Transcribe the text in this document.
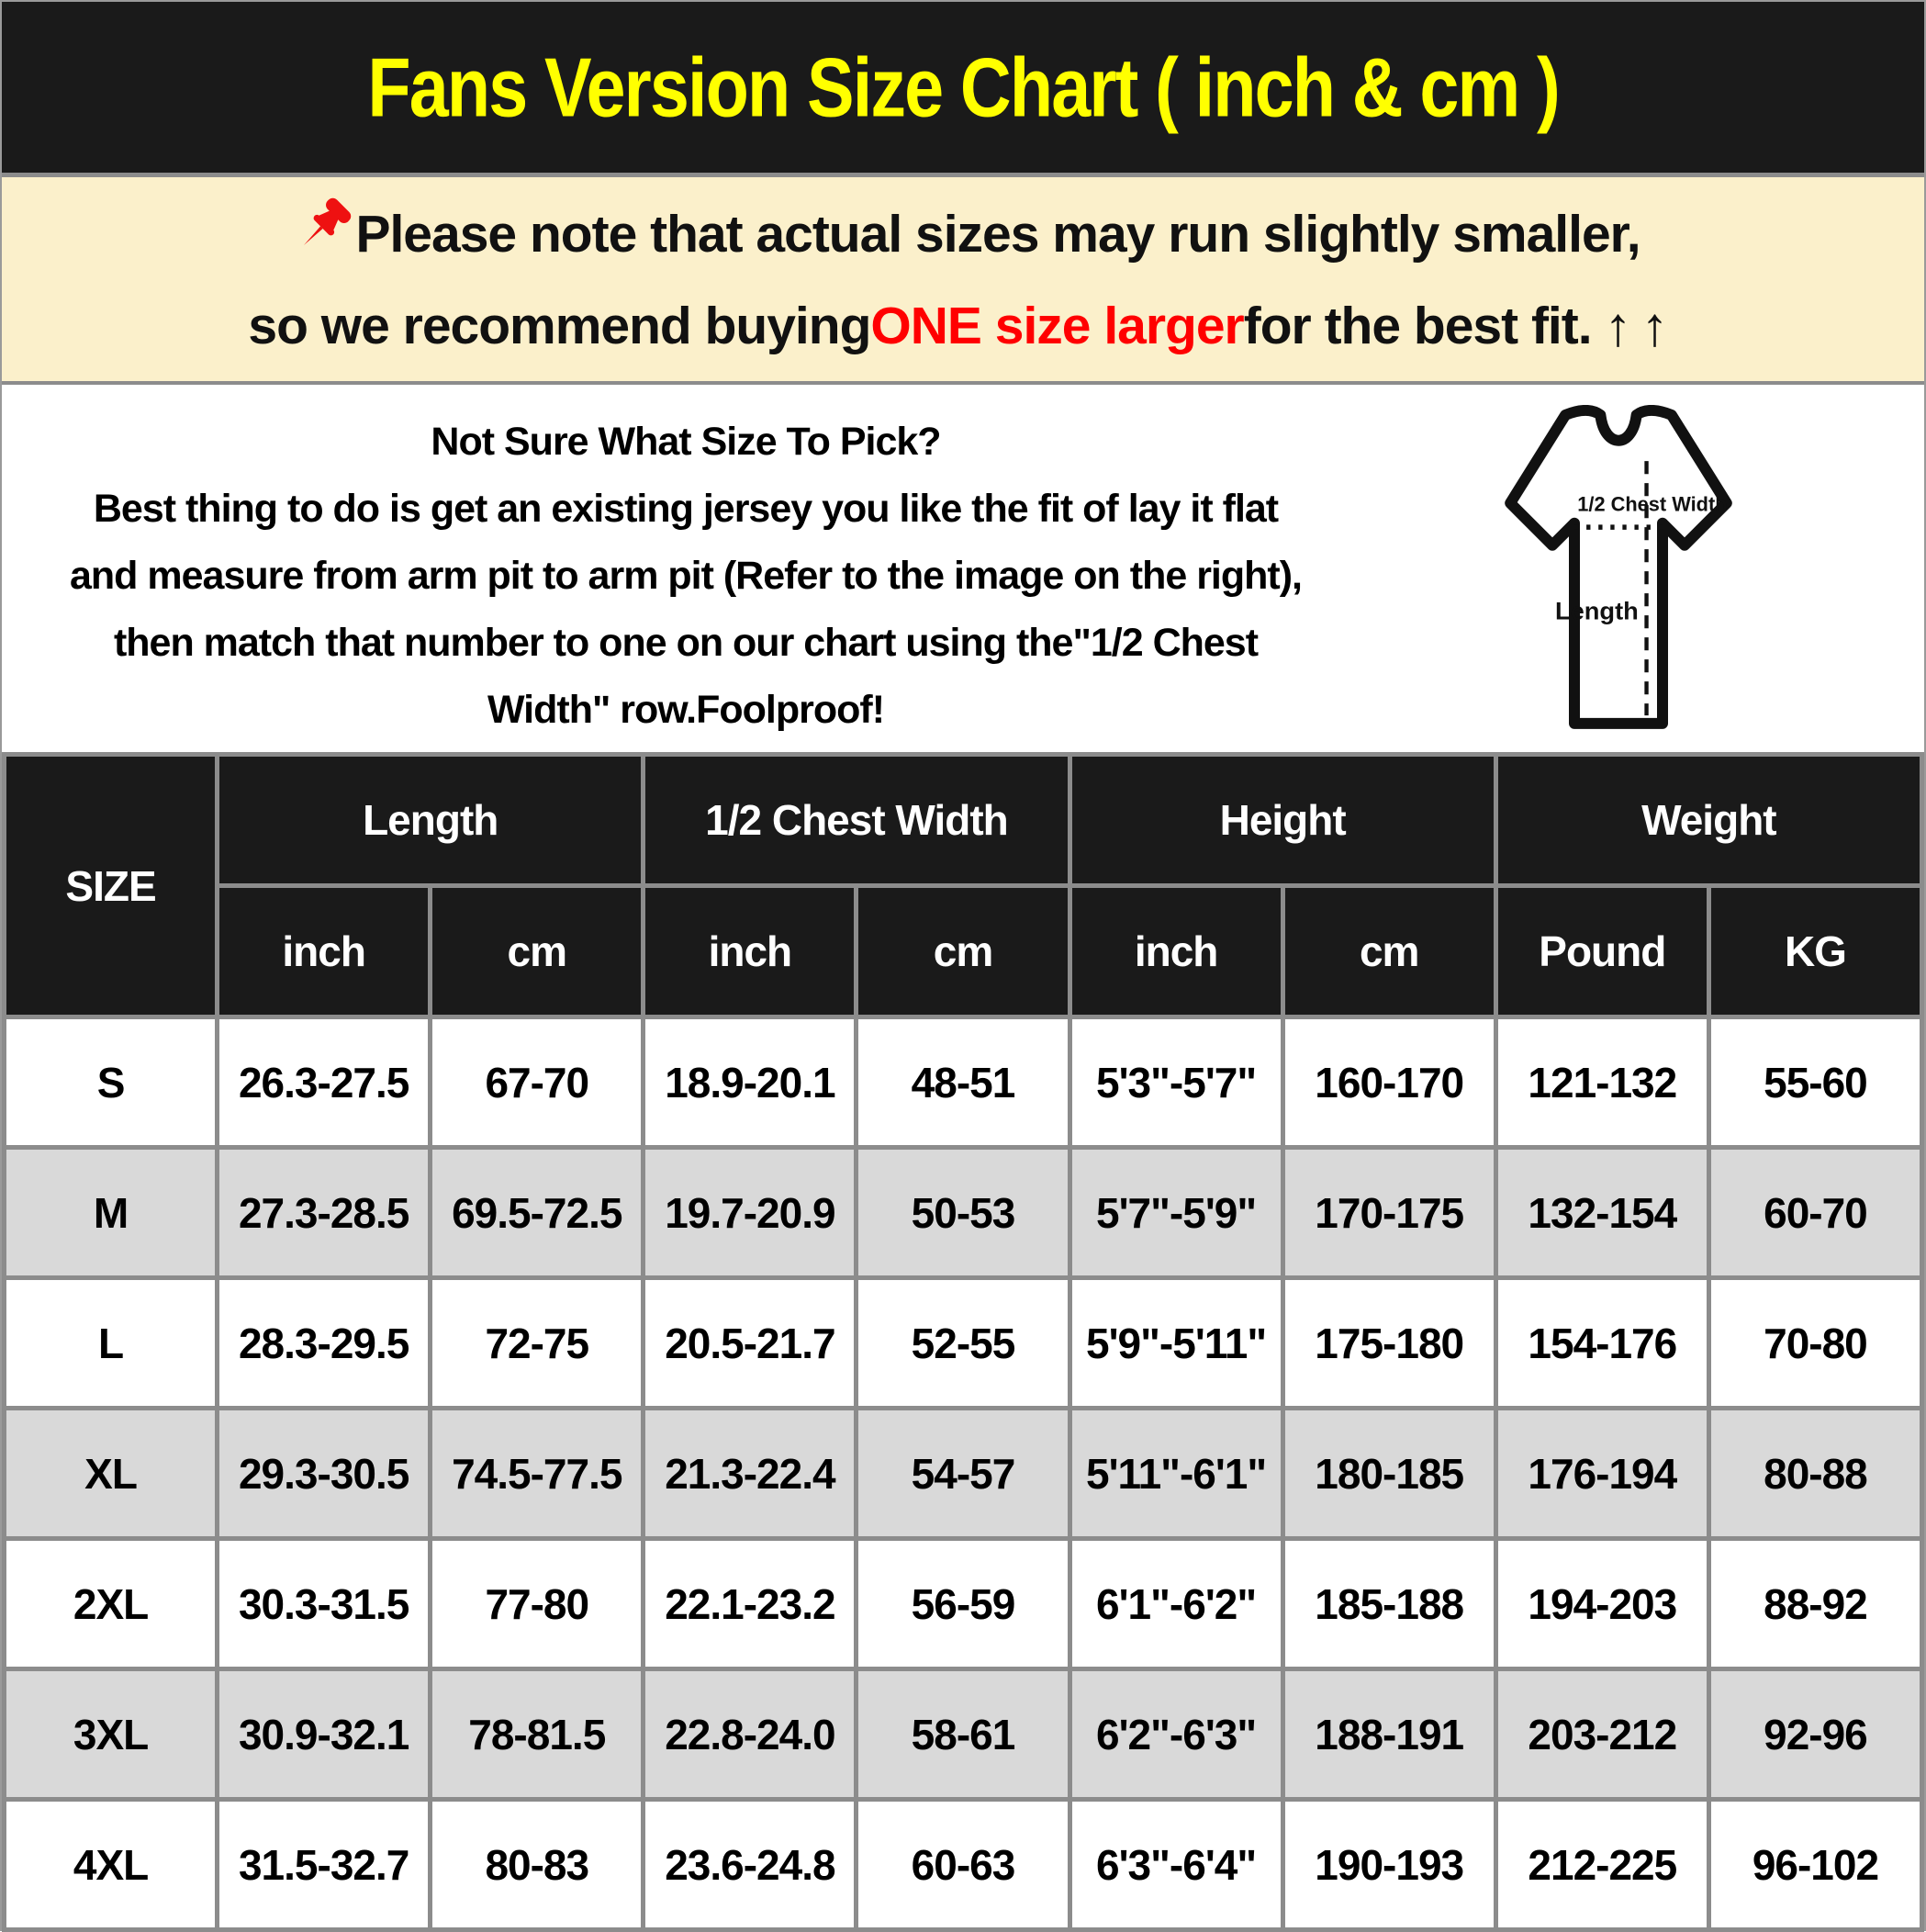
Fans Version Size Chart ( inch & cm )
Please note that actual sizes may run slightly smaller,
so we recommend buying ONE size larger for the best fit. ↑↑
Not Sure What Size To Pick?
Best thing to do is get an existing jersey you like the fit of lay it flat
and measure from arm pit to arm pit (Refer to the image on the right),
then match that number to one on our chart using the"1/2 Chest
Width" row.Foolproof!
1/2 Chest Width
Length
SIZE	Length		1/2 Chest Width		Height		Weight	
	inch	cm	inch	cm	inch	cm	Pound	KG
S	26.3-27.5	67-70	18.9-20.1	48-51	5'3"-5'7"	160-170	121-132	55-60
M	27.3-28.5	69.5-72.5	19.7-20.9	50-53	5'7"-5'9"	170-175	132-154	60-70
L	28.3-29.5	72-75	20.5-21.7	52-55	5'9"-5'11"	175-180	154-176	70-80
XL	29.3-30.5	74.5-77.5	21.3-22.4	54-57	5'11"-6'1"	180-185	176-194	80-88
2XL	30.3-31.5	77-80	22.1-23.2	56-59	6'1"-6'2"	185-188	194-203	88-92
3XL	30.9-32.1	78-81.5	22.8-24.0	58-61	6'2"-6'3"	188-191	203-212	92-96
4XL	31.5-32.7	80-83	23.6-24.8	60-63	6'3"-6'4"	190-193	212-225	96-102
